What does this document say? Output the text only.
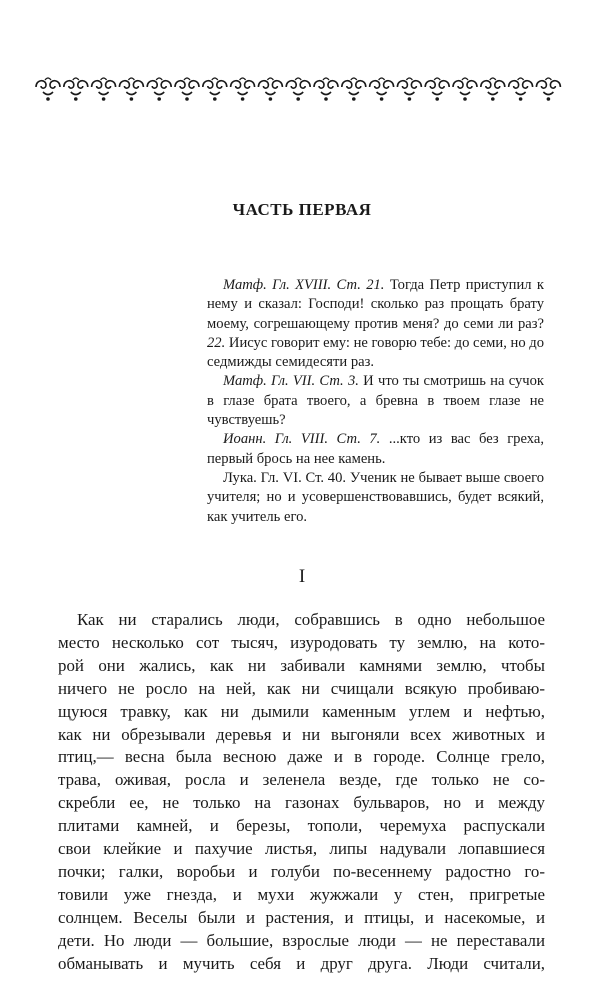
ЧАСТЬ ПЕРВАЯ

Матф. Гл. XVIII. Ст. 21. Тогда Петр приступил к нему и сказал: Господи! сколько раз прощать брату моему, согрешающему против меня? до семи ли раз? 22. Иисус говорит ему: не говорю тебе: до семи, но до седмижды семидесяти раз.

Матф. Гл. VII. Ст. 3. И что ты смотришь на сучок в глазе брата твоего, а бревна в твоем глазе не чувствуешь?

Иоанн. Гл. VIII. Ст. 7. ...кто из вас без греха, первый брось на нее камень.

Лука. Гл. VI. Ст. 40. Ученик не бывает выше своего учителя; но и усовершенствовавшись, будет всякий, как учитель его.

I
Как ни старались люди, собравшись в одно небольшое
место несколько сот тысяч, изуродовать ту землю, на кото-
рой они жались, как ни забивали камнями землю, чтобы
ничего не росло на ней, как ни счищали всякую пробиваю-
щуюся травку, как ни дымили каменным углем и нефтью,
как ни обрезывали деревья и ни выгоняли всех животных и
птиц,— весна была весною даже и в городе. Солнце грело,
трава, оживая, росла и зеленела везде, где только не со-
скребли ее, не только на газонах бульваров, но и между
плитами камней, и березы, тополи, черемуха распускали
свои клейкие и пахучие листья, липы надували лопавшиеся
почки; галки, воробьи и голуби по-весеннему радостно го-
товили уже гнезда, и мухи жужжали у стен, пригретые
солнцем. Веселы были и растения, и птицы, и насекомые, и
дети. Но люди — большие, взрослые люди — не переставали
обманывать и мучить себя и друг друга. Люди считали,
